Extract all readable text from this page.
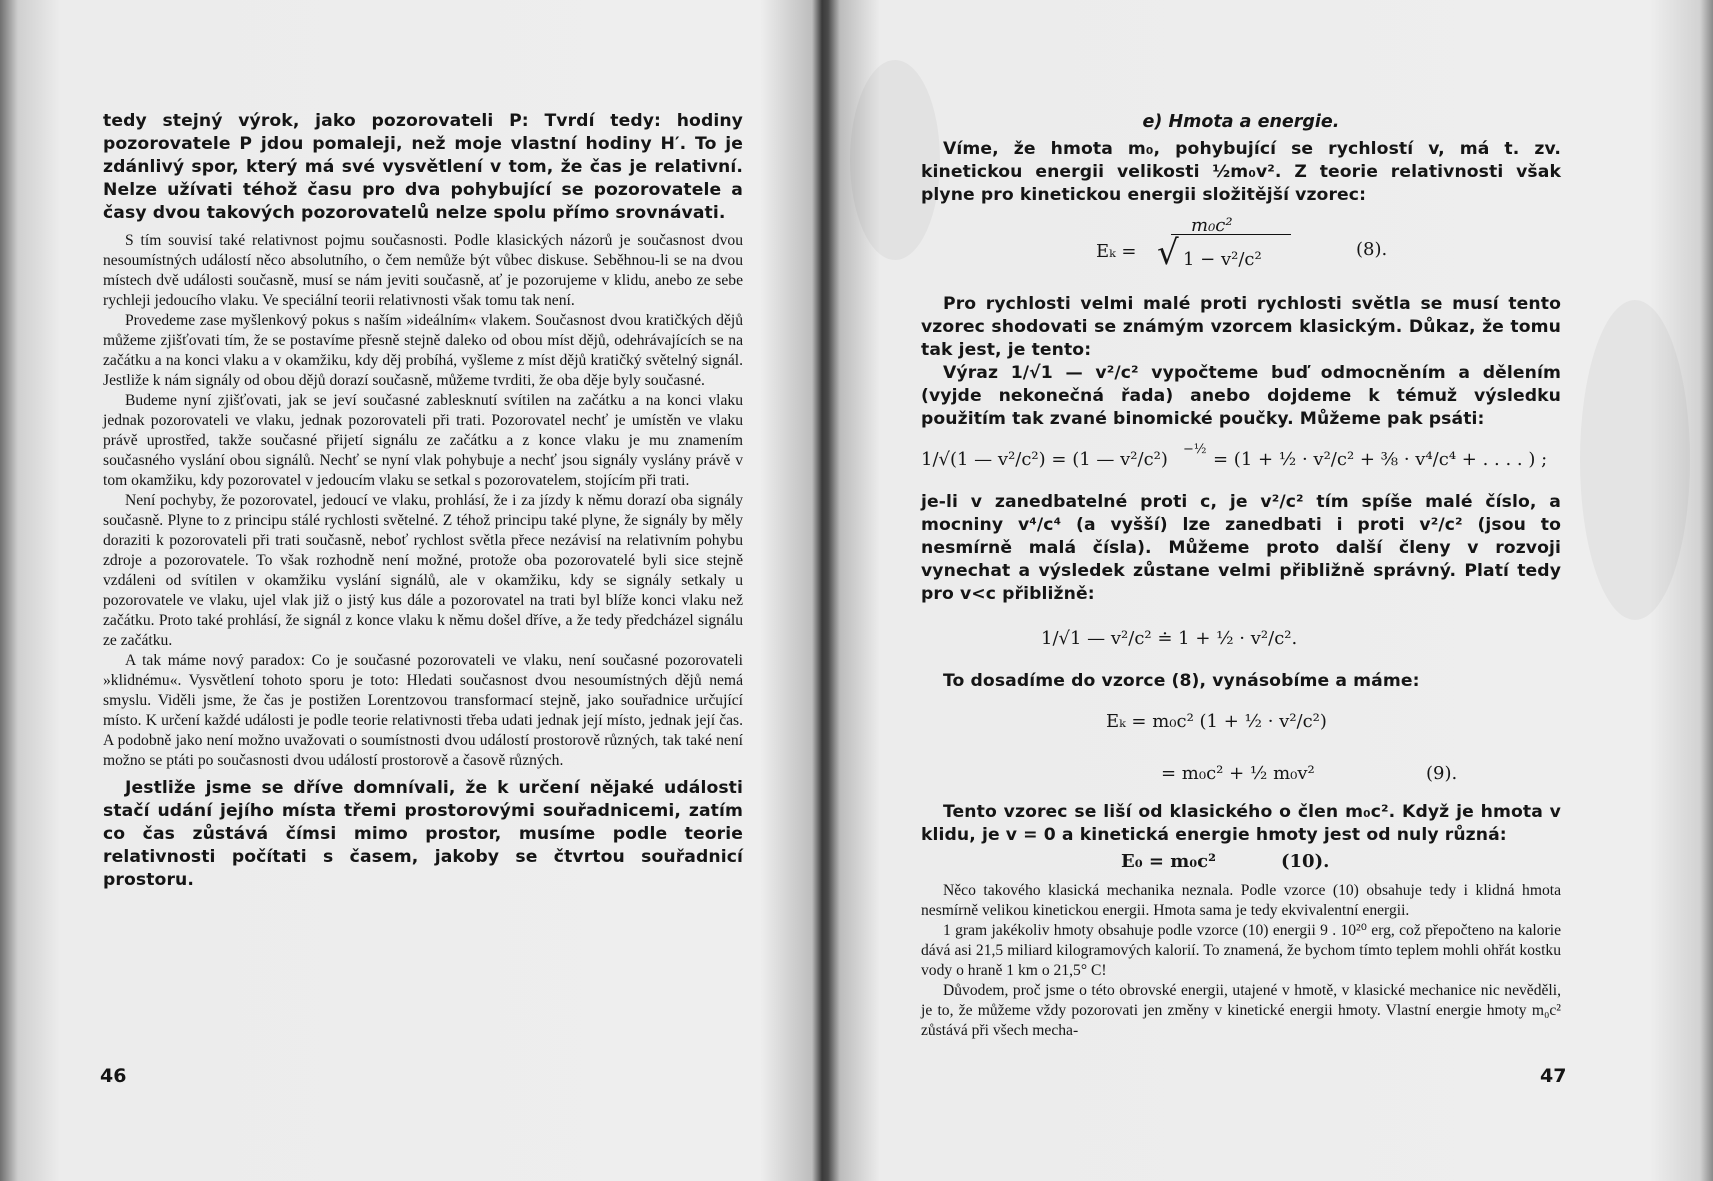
tedy stejný výrok, jako pozorovateli P: Tvrdí tedy: hodiny pozorovatele P jdou pomaleji, než moje vlastní hodiny H′. To je zdánlivý spor, který má své vysvětlení v tom, že čas je relativní. Nelze užívati téhož času pro dva pohybující se pozorovatele a časy dvou takových pozorovatelů nelze spolu přímo srovnávati.

S tím souvisí také relativnost pojmu současnosti. Podle klasických názorů je současnost dvou nesoumístných událostí něco absolutního, o čem nemůže být vůbec diskuse. Seběhnou-li se na dvou místech dvě události současně, musí se nám jeviti současně, ať je pozorujeme v klidu, anebo ze sebe rychleji jedoucího vlaku. Ve speciální teorii relativnosti však tomu tak není.

Provedeme zase myšlenkový pokus s naším »ideálním« vlakem. Současnost dvou kratičkých dějů můžeme zjišťovati tím, že se postavíme přesně stejně daleko od obou míst dějů, odehrávajících se na začátku a na konci vlaku a v okamžiku, kdy děj probíhá, vyšleme z míst dějů kratičký světelný signál. Jestliže k nám signály od obou dějů dorazí současně, můžeme tvrditi, že oba děje byly současné.

Budeme nyní zjišťovati, jak se jeví současné zablesknutí svítilen na začátku a na konci vlaku jednak pozorovateli ve vlaku, jednak pozorovateli při trati. Pozorovatel nechť je umístěn ve vlaku právě uprostřed, takže současné přijetí signálu ze začátku a z konce vlaku je mu znamením současného vyslání obou signálů. Nechť se nyní vlak pohybuje a nechť jsou signály vyslány právě v tom okamžiku, kdy pozorovatel v jedoucím vlaku se setkal s pozorovatelem, stojícím při trati.

Není pochyby, že pozorovatel, jedoucí ve vlaku, prohlásí, že i za jízdy k němu dorazí oba signály současně. Plyne to z principu stálé rychlosti světelné. Z téhož principu také plyne, že signály by měly doraziti k pozorovateli při trati současně, neboť rychlost světla přece nezávisí na relativním pohybu zdroje a pozorovatele. To však rozhodně není možné, protože oba pozorovatelé byli sice stejně vzdáleni od svítilen v okamžiku vyslání signálů, ale v okamžiku, kdy se signály setkaly u pozorovatele ve vlaku, ujel vlak již o jistý kus dále a pozorovatel na trati byl blíže konci vlaku než začátku. Proto také prohlásí, že signál z konce vlaku k němu došel dříve, a že tedy předcházel signálu ze začátku.

A tak máme nový paradox: Co je současné pozorovateli ve vlaku, není současné pozorovateli »klidnému«. Vysvětlení tohoto sporu je toto: Hledati současnost dvou nesoumístných dějů nemá smyslu. Viděli jsme, že čas je postižen Lorentzovou transformací stejně, jako souřadnice určující místo. K určení každé události je podle teorie relativnosti třeba udati jednak její místo, jednak její čas. A podobně jako není možno uvažovati o soumístnosti dvou událostí prostorově různých, tak také není možno se ptáti po současnosti dvou událostí prostorově a časově různých.

Jestliže jsme se dříve domnívali, že k určení nějaké události stačí udání jejího místa třemi prostorovými souřadnicemi, zatím co čas zůstává čímsi mimo prostor, musíme podle teorie relativnosti počítati s časem, jakoby se čtvrtou souřadnicí prostoru.

46

e) Hmota a energie.

Víme, že hmota m₀, pohybující se rychlostí v, má t. zv. kinetickou energii velikosti ½m₀v². Z teorie relativnosti však plyne pro kinetickou energii složitější vzorec:

m₀c²
Eₖ = √ 1 − v²/c²	(8).

Pro rychlosti velmi malé proti rychlosti světla se musí tento vzorec shodovati se známým vzorcem klasickým. Důkaz, že tomu tak jest, je tento:

Výraz 1/√1 — v²/c² vypočteme buď odmocněním a dělením (vyjde nekonečná řada) anebo dojdeme k témuž výsledku použitím tak zvané binomické poučky. Můžeme pak psáti:

1/√(1 — v²/c²) = (1 — v²/c²) −½ = (1 + ½ · v²/c² + ⅜ · v⁴/c⁴ + . . . . ) ;

je-li v zanedbatelné proti c, je v²/c² tím spíše malé číslo, a mocniny v⁴/c⁴ (a vyšší) lze zanedbati i proti v²/c² (jsou to nesmírně malá čísla). Můžeme proto další členy v rozvoji vynechat a výsledek zůstane velmi přibližně správný. Platí tedy pro v<c přibližně:

1/√1 — v²/c² ≐ 1 + ½ · v²/c².

To dosadíme do vzorce (8), vynásobíme a máme:

Eₖ = m₀c² (1 + ½ · v²/c²)
= m₀c² + ½ m₀v²	(9).

Tento vzorec se liší od klasického o člen m₀c². Když je hmota v klidu, je v = 0 a kinetická energie hmoty jest od nuly různá:

E₀ = m₀c²	(10).

Něco takového klasická mechanika neznala. Podle vzorce (10) obsahuje tedy i klidná hmota nesmírně velikou kinetickou energii. Hmota sama je tedy ekvivalentní energii.

1 gram jakékoliv hmoty obsahuje podle vzorce (10) energii 9 . 10²⁰ erg, což přepočteno na kalorie dává asi 21,5 miliard kilogramových kalorií. To znamená, že bychom tímto teplem mohli ohřát kostku vody o hraně 1 km o 21,5° C!

Důvodem, proč jsme o této obrovské energii, utajené v hmotě, v klasické mechanice nic nevěděli, je to, že můžeme vždy pozorovati jen změny v kinetické energii hmoty. Vlastní energie hmoty m₀c² zůstává při všech mecha-

47
